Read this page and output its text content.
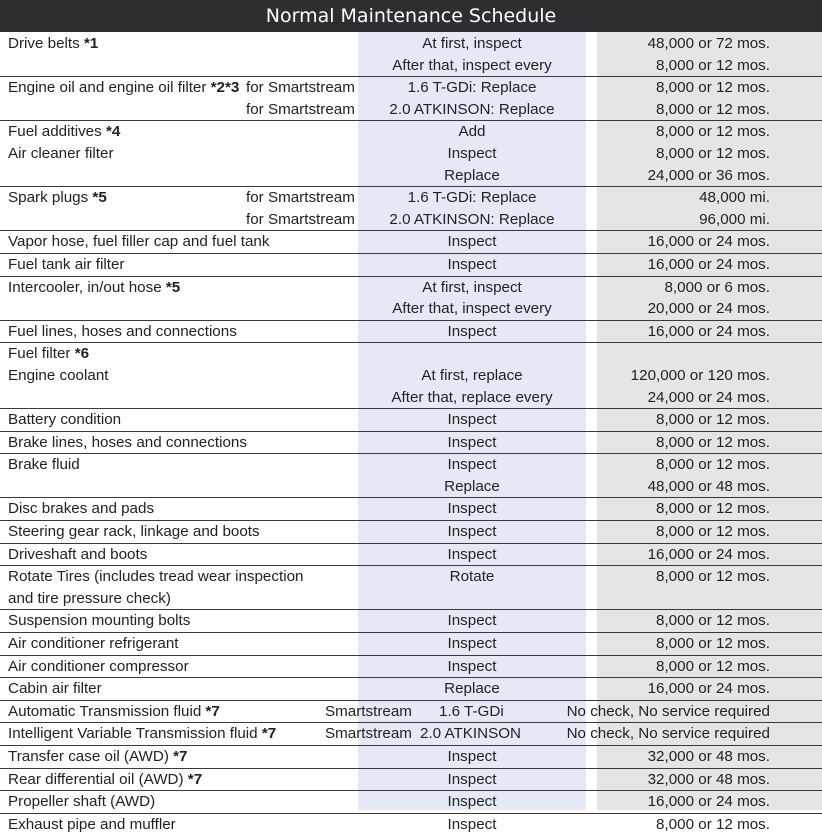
Normal Maintenance Schedule
Drive belts *1	At first, inspect	48,000 or 72 mos.
After that, inspect every	8,000 or 12 mos.
Engine oil and engine oil filter *2*3 for Smartstream	1.6 T-GDi: Replace	8,000 or 12 mos.
for Smartstream	2.0 ATKINSON: Replace	8,000 or 12 mos.
Fuel additives *4	Add	8,000 or 12 mos.
Air cleaner filter	Inspect	8,000 or 12 mos.
Replace	24,000 or 36 mos.
Spark plugs *5	for Smartstream	1.6 T-GDi: Replace	48,000 mi.
for Smartstream	2.0 ATKINSON: Replace	96,000 mi.
Vapor hose, fuel filler cap and fuel tank	Inspect	16,000 or 24 mos.
Fuel tank air filter	Inspect	16,000 or 24 mos.
Intercooler, in/out hose *5	At first, inspect	8,000 or 6 mos.
After that, inspect every	20,000 or 24 mos.
Fuel lines, hoses and connections	Inspect	16,000 or 24 mos.
Fuel filter *6
Engine coolant	At first, replace	120,000 or 120 mos.
After that, replace every	24,000 or 24 mos.
Battery condition	Inspect	8,000 or 12 mos.
Brake lines, hoses and connections	Inspect	8,000 or 12 mos.
Brake fluid	Inspect	8,000 or 12 mos.
Replace	48,000 or 48 mos.
Disc brakes and pads	Inspect	8,000 or 12 mos.
Steering gear rack, linkage and boots	Inspect	8,000 or 12 mos.
Driveshaft and boots	Inspect	16,000 or 24 mos.
Rotate Tires (includes tread wear inspection	Rotate	8,000 or 12 mos.
and tire pressure check)
Suspension mounting bolts	Inspect	8,000 or 12 mos.
Air conditioner refrigerant	Inspect	8,000 or 12 mos.
Air conditioner compressor	Inspect	8,000 or 12 mos.
Cabin air filter	Replace	16,000 or 24 mos.
Automatic Transmission fluid *7	Smartstream 1.6 T-GDi	No check, No service required
Intelligent Variable Transmission fluid *7	Smartstream 2.0 ATKINSON	No check, No service required
Transfer case oil (AWD) *7	Inspect	32,000 or 48 mos.
Rear differential oil (AWD) *7	Inspect	32,000 or 48 mos.
Propeller shaft (AWD)	Inspect	16,000 or 24 mos.
Exhaust pipe and muffler	Inspect	8,000 or 12 mos.
